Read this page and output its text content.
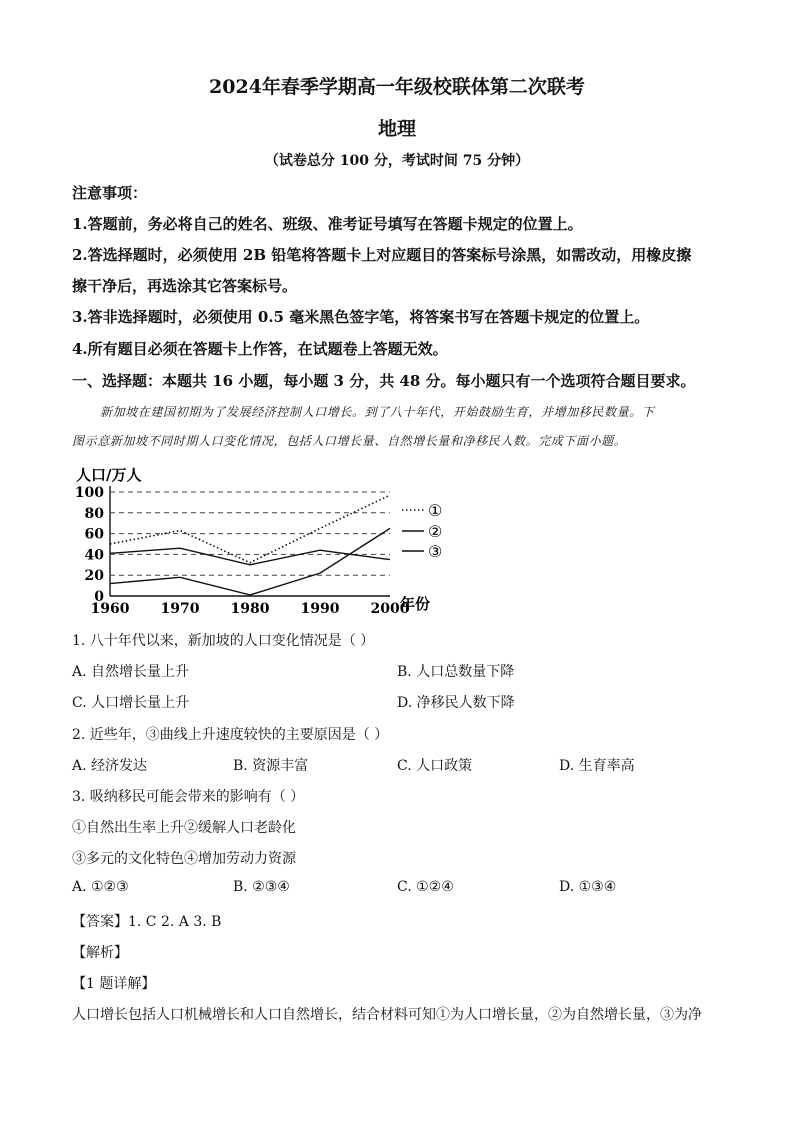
2024年春季学期高一年级校联体第二次联考
地理
（试卷总分 100 分，考试时间 75 分钟）
注意事项：
1.答题前，务必将自己的姓名、班级、准考证号填写在答题卡规定的位置上。
2.答选择题时，必须使用 2B 铅笔将答题卡上对应题目的答案标号涂黑，如需改动，用橡皮擦
擦干净后，再选涂其它答案标号。
3.答非选择题时，必须使用 0.5 毫米黑色签字笔，将答案书写在答题卡规定的位置上。
4.所有题目必须在答题卡上作答，在试题卷上答题无效。
一、选择题：本题共 16 小题，每小题 3 分，共 48 分。每小题只有一个选项符合题目要求。
新加坡在建国初期为了发展经济控制人口增长。到了八十年代，开始鼓励生育，并增加移民数量。下
图示意新加坡不同时期人口变化情况，包括人口增长量、自然增长量和净移民人数。完成下面小题。
人口/万人
0
20
40
60
80
100
1960 1970 1980 1990 2000
①
②
③
年份
1. 八十年代以来，新加坡的人口变化情况是（ ）
A. 自然增长量上升	B. 人口总数量下降
C. 人口增长量上升	D. 净移民人数下降
2. 近些年，③曲线上升速度较快的主要原因是（ ）
A. 经济发达	B. 资源丰富	C. 人口政策	D. 生育率高
3. 吸纳移民可能会带来的影响有（ ）
①自然出生率上升②缓解人口老龄化
③多元的文化特色④增加劳动力资源
A. ①②③	B. ②③④	C. ①②④	D. ①③④
【答案】1. C 2. A 3. B
【解析】
【1 题详解】
人口增长包括人口机械增长和人口自然增长，结合材料可知①为人口增长量，②为自然增长量，③为净
